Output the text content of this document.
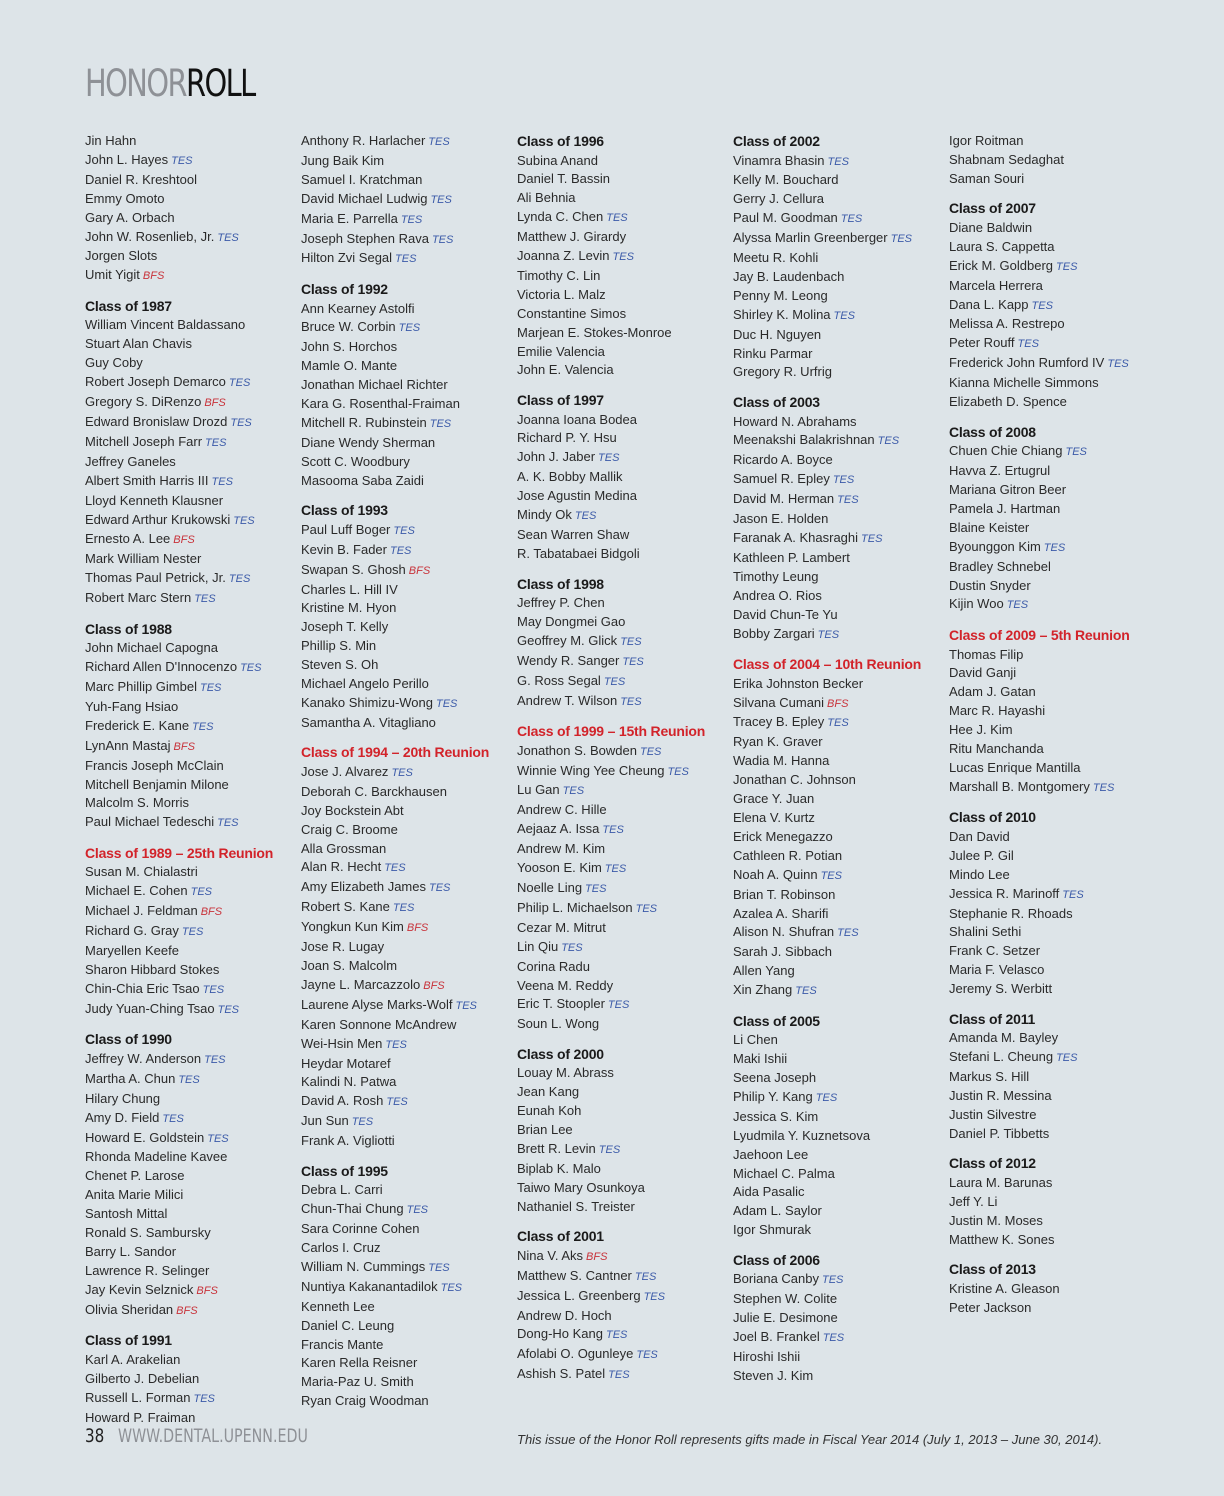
HONORROLL
Jin Hahn
John L. Hayes TES
Daniel R. Kreshtool
Emmy Omoto
Gary A. Orbach
John W. Rosenlieb, Jr. TES
Jorgen Slots
Umit Yigit BFS
Class of 1987
William Vincent Baldassano
Stuart Alan Chavis
Guy Coby
Robert Joseph Demarco TES
Gregory S. DiRenzo BFS
Edward Bronislaw Drozd TES
Mitchell Joseph Farr TES
Jeffrey Ganeles
Albert Smith Harris III TES
Lloyd Kenneth Klausner
Edward Arthur Krukowski TES
Ernesto A. Lee BFS
Mark William Nester
Thomas Paul Petrick, Jr. TES
Robert Marc Stern TES
Class of 1988
John Michael Capogna
Richard Allen D'Innocenzo TES
Marc Phillip Gimbel TES
Yuh-Fang Hsiao
Frederick E. Kane TES
LynAnn Mastaj BFS
Francis Joseph McClain
Mitchell Benjamin Milone
Malcolm S. Morris
Paul Michael Tedeschi TES
Class of 1989 – 25th Reunion
Susan M. Chialastri
Michael E. Cohen TES
Michael J. Feldman BFS
Richard G. Gray TES
Maryellen Keefe
Sharon Hibbard Stokes
Chin-Chia Eric Tsao TES
Judy Yuan-Ching Tsao TES
Class of 1990
Jeffrey W. Anderson TES
Martha A. Chun TES
Hilary Chung
Amy D. Field TES
Howard E. Goldstein TES
Rhonda Madeline Kavee
Chenet P. Larose
Anita Marie Milici
Santosh Mittal
Ronald S. Sambursky
Barry L. Sandor
Lawrence R. Selinger
Jay Kevin Selznick BFS
Olivia Sheridan BFS
Class of 1991
Karl A. Arakelian
Gilberto J. Debelian
Russell L. Forman TES
Howard P. Fraiman
Anthony R. Harlacher TES
Jung Baik Kim
Samuel I. Kratchman
David Michael Ludwig TES
Maria E. Parrella TES
Joseph Stephen Rava TES
Hilton Zvi Segal TES
Class of 1992
Ann Kearney Astolfi
Bruce W. Corbin TES
John S. Horchos
Mamle O. Mante
Jonathan Michael Richter
Kara G. Rosenthal-Fraiman
Mitchell R. Rubinstein TES
Diane Wendy Sherman
Scott C. Woodbury
Masooma Saba Zaidi
Class of 1993
Paul Luff Boger TES
Kevin B. Fader TES
Swapan S. Ghosh BFS
Charles L. Hill IV
Kristine M. Hyon
Joseph T. Kelly
Phillip S. Min
Steven S. Oh
Michael Angelo Perillo
Kanako Shimizu-Wong TES
Samantha A. Vitagliano
Class of 1994 – 20th Reunion
Jose J. Alvarez TES
Deborah C. Barckhausen
Joy Bockstein Abt
Craig C. Broome
Alla Grossman
Alan R. Hecht TES
Amy Elizabeth James TES
Robert S. Kane TES
Yongkun Kun Kim BFS
Jose R. Lugay
Joan S. Malcolm
Jayne L. Marcazzolo BFS
Laurene Alyse Marks-Wolf TES
Karen Sonnone McAndrew
Wei-Hsin Men TES
Heydar Motaref
Kalindi N. Patwa
David A. Rosh TES
Jun Sun TES
Frank A. Vigliotti
Class of 1995
Debra L. Carri
Chun-Thai Chung TES
Sara Corinne Cohen
Carlos I. Cruz
William N. Cummings TES
Nuntiya Kakanantadilok TES
Kenneth Lee
Daniel C. Leung
Francis Mante
Karen Rella Reisner
Maria-Paz U. Smith
Ryan Craig Woodman
Class of 1996
Subina Anand
Daniel T. Bassin
Ali Behnia
Lynda C. Chen TES
Matthew J. Girardy
Joanna Z. Levin TES
Timothy C. Lin
Victoria L. Malz
Constantine Simos
Marjean E. Stokes-Monroe
Emilie Valencia
John E. Valencia
Class of 1997
Joanna Ioana Bodea
Richard P. Y. Hsu
John J. Jaber TES
A. K. Bobby Mallik
Jose Agustin Medina
Mindy Ok TES
Sean Warren Shaw
R. Tabatabaei Bidgoli
Class of 1998
Jeffrey P. Chen
May Dongmei Gao
Geoffrey M. Glick TES
Wendy R. Sanger TES
G. Ross Segal TES
Andrew T. Wilson TES
Class of 1999 – 15th Reunion
Jonathon S. Bowden TES
Winnie Wing Yee Cheung TES
Lu Gan TES
Andrew C. Hille
Aejaaz A. Issa TES
Andrew M. Kim
Yooson E. Kim TES
Noelle Ling TES
Philip L. Michaelson TES
Cezar M. Mitrut
Lin Qiu TES
Corina Radu
Veena M. Reddy
Eric T. Stoopler TES
Soun L. Wong
Class of 2000
Louay M. Abrass
Jean Kang
Eunah Koh
Brian Lee
Brett R. Levin TES
Biplab K. Malo
Taiwo Mary Osunkoya
Nathaniel S. Treister
Class of 2001
Nina V. Aks BFS
Matthew S. Cantner TES
Jessica L. Greenberg TES
Andrew D. Hoch
Dong-Ho Kang TES
Afolabi O. Ogunleye TES
Ashish S. Patel TES
Class of 2002
Vinamra Bhasin TES
Kelly M. Bouchard
Gerry J. Cellura
Paul M. Goodman TES
Alyssa Marlin Greenberger TES
Meetu R. Kohli
Jay B. Laudenbach
Penny M. Leong
Shirley K. Molina TES
Duc H. Nguyen
Rinku Parmar
Gregory R. Urfrig
Class of 2003
Howard N. Abrahams
Meenakshi Balakrishnan TES
Ricardo A. Boyce
Samuel R. Epley TES
David M. Herman TES
Jason E. Holden
Faranak A. Khasraghi TES
Kathleen P. Lambert
Timothy Leung
Andrea O. Rios
David Chun-Te Yu
Bobby Zargari TES
Class of 2004 – 10th Reunion
Erika Johnston Becker
Silvana Cumani BFS
Tracey B. Epley TES
Ryan K. Graver
Wadia M. Hanna
Jonathan C. Johnson
Grace Y. Juan
Elena V. Kurtz
Erick Menegazzo
Cathleen R. Potian
Noah A. Quinn TES
Brian T. Robinson
Azalea A. Sharifi
Alison N. Shufran TES
Sarah J. Sibbach
Allen Yang
Xin Zhang TES
Class of 2005
Li Chen
Maki Ishii
Seena Joseph
Philip Y. Kang TES
Jessica S. Kim
Lyudmila Y. Kuznetsova
Jaehoon Lee
Michael C. Palma
Aida Pasalic
Adam L. Saylor
Igor Shmurak
Class of 2006
Boriana Canby TES
Stephen W. Colite
Julie E. Desimone
Joel B. Frankel TES
Hiroshi Ishii
Steven J. Kim
Igor Roitman
Shabnam Sedaghat
Saman Souri
Class of 2007
Diane Baldwin
Laura S. Cappetta
Erick M. Goldberg TES
Marcela Herrera
Dana L. Kapp TES
Melissa A. Restrepo
Peter Rouff TES
Frederick John Rumford IV TES
Kianna Michelle Simmons
Elizabeth D. Spence
Class of 2008
Chuen Chie Chiang TES
Havva Z. Ertugrul
Mariana Gitron Beer
Pamela J. Hartman
Blaine Keister
Byounggon Kim TES
Bradley Schnebel
Dustin Snyder
Kijin Woo TES
Class of 2009 – 5th Reunion
Thomas Filip
David Ganji
Adam J. Gatan
Marc R. Hayashi
Hee J. Kim
Ritu Manchanda
Lucas Enrique Mantilla
Marshall B. Montgomery TES
Class of 2010
Dan David
Julee P. Gil
Mindo Lee
Jessica R. Marinoff TES
Stephanie R. Rhoads
Shalini Sethi
Frank C. Setzer
Maria F. Velasco
Jeremy S. Werbitt
Class of 2011
Amanda M. Bayley
Stefani L. Cheung TES
Markus S. Hill
Justin R. Messina
Justin Silvestre
Daniel P. Tibbetts
Class of 2012
Laura M. Barunas
Jeff Y. Li
Justin M. Moses
Matthew K. Sones
Class of 2013
Kristine A. Gleason
Peter Jackson
38 WWW.DENTAL.UPENN.EDU	This issue of the Honor Roll represents gifts made in Fiscal Year 2014 (July 1, 2013 – June 30, 2014).
